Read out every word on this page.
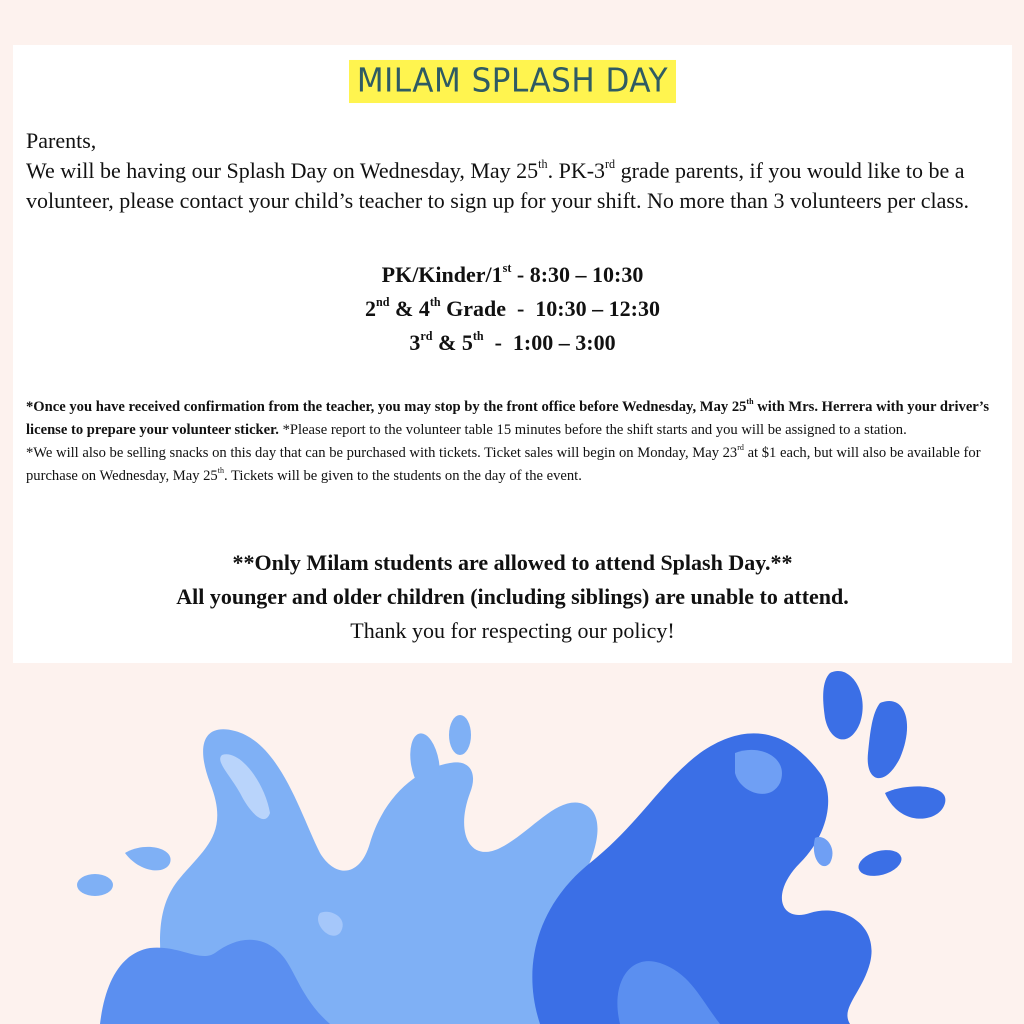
MILAM SPLASH DAY

Parents,

We will be having our Splash Day on Wednesday, May 25th. PK-3rd grade parents, if you would like to be a volunteer, please contact your child’s teacher to sign up for your shift. No more than 3 volunteers per class.

PK/Kinder/1st - 8:30 – 10:30
2nd & 4th Grade  -  10:30 – 12:30
3rd & 5th  -  1:00 – 3:00

*Once you have received confirmation from the teacher, you may stop by the front office before Wednesday, May 25th with Mrs. Herrera with your driver’s license to prepare your volunteer sticker. *Please report to the volunteer table 15 minutes before the shift starts and you will be assigned to a station.

*We will also be selling snacks on this day that can be purchased with tickets. Ticket sales will begin on Monday, May 23rd at $1 each, but will also be available for purchase on Wednesday, May 25th. Tickets will be given to the students on the day of the event.

**Only Milam students are allowed to attend Splash Day.**
All younger and older children (including siblings) are unable to attend.
Thank you for respecting our policy!
